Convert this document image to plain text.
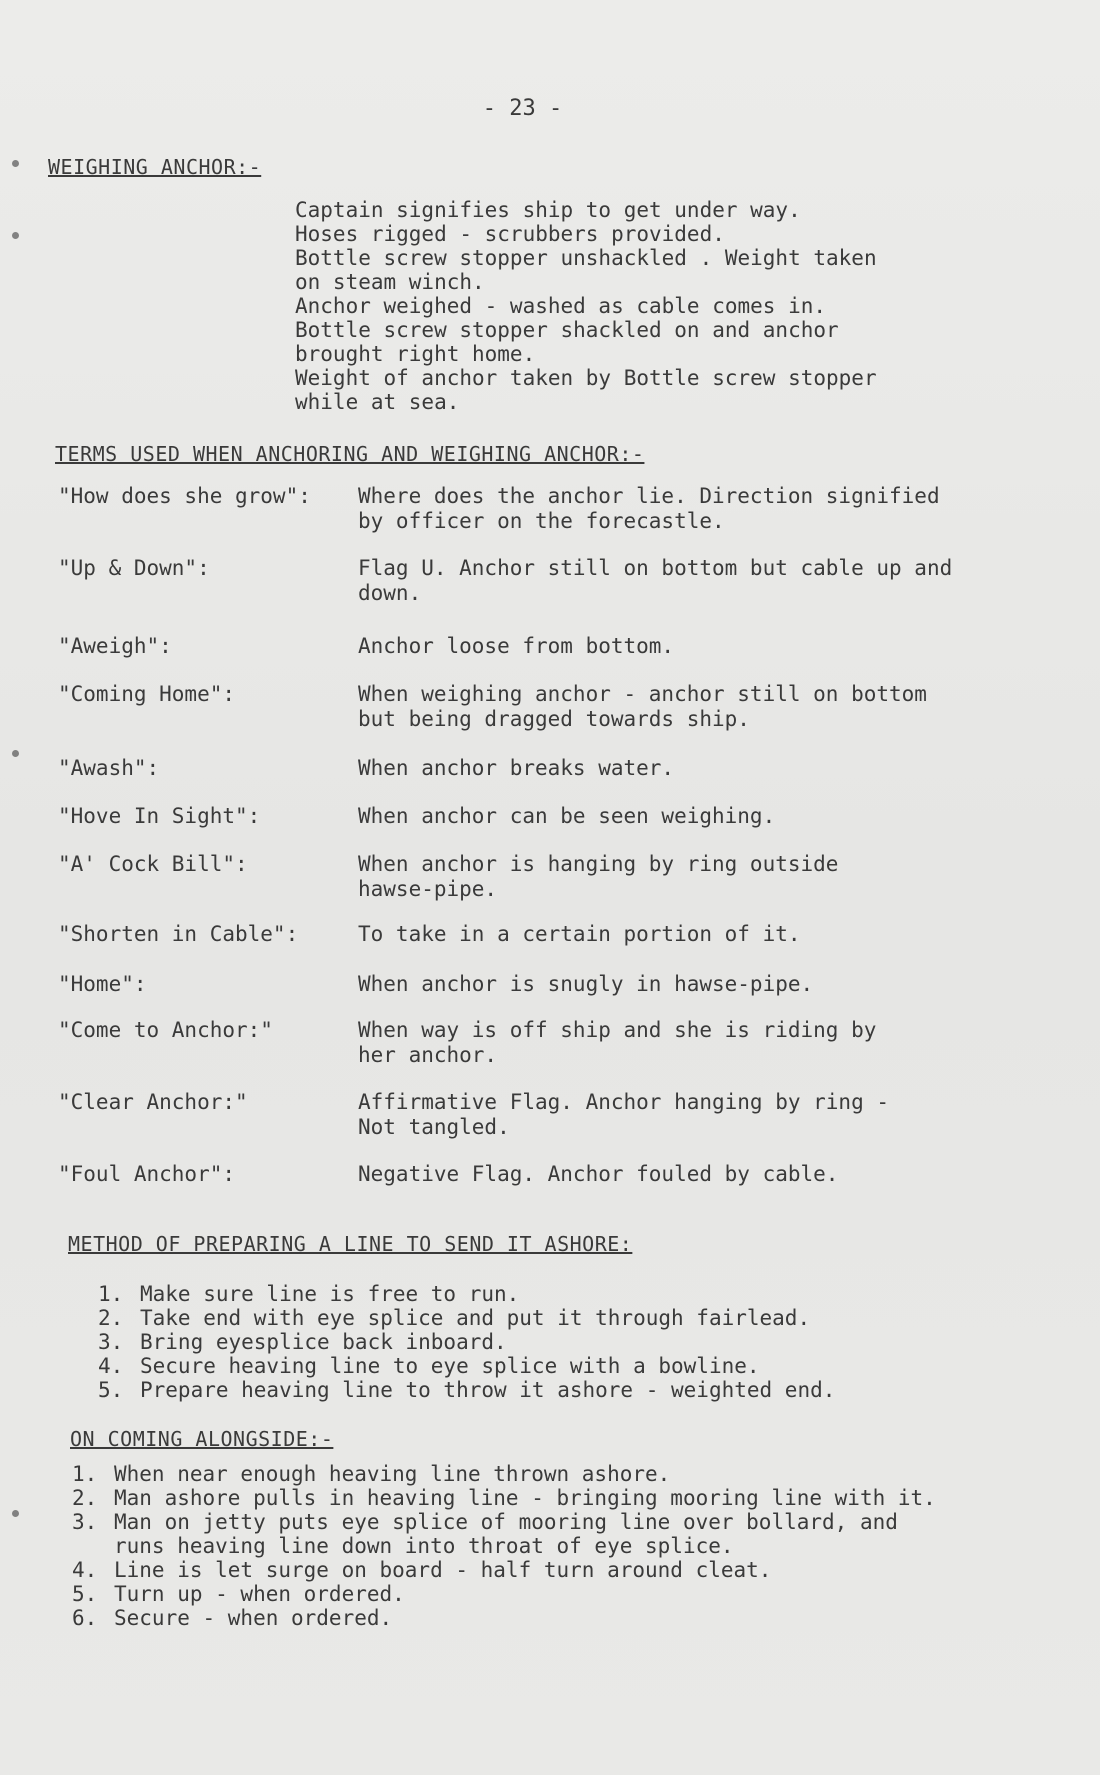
- 23 -
WEIGHING ANCHOR:-
Captain signifies ship to get under way.
Hoses rigged - scrubbers provided.
Bottle screw stopper unshackled . Weight taken
on steam winch.
Anchor weighed - washed as cable comes in.
Bottle screw stopper shackled on and anchor
brought right home.
Weight of anchor taken by Bottle screw stopper
while at sea.
TERMS USED WHEN ANCHORING AND WEIGHING ANCHOR:-
"How does she grow": Where does the anchor lie. Direction signified
by officer on the forecastle.
"Up & Down":	Flag U. Anchor still on bottom but cable up and
down.
"Aweigh":	Anchor loose from bottom.
"Coming Home":	When weighing anchor - anchor still on bottom
but being dragged towards ship.
"Awash":	When anchor breaks water.
"Hove In Sight":	When anchor can be seen weighing.
"A' Cock Bill":	When anchor is hanging by ring outside
hawse-pipe.
"Shorten in Cable":	To take in a certain portion of it.
"Home":	When anchor is snugly in hawse-pipe.
"Come to Anchor:"	When way is off ship and she is riding by
her anchor.
"Clear Anchor:"	Affirmative Flag. Anchor hanging by ring -
Not tangled.
"Foul Anchor":	Negative Flag. Anchor fouled by cable.
METHOD OF PREPARING A LINE TO SEND IT ASHORE:
1. Make sure line is free to run.
2. Take end with eye splice and put it through fairlead.
3. Bring eyesplice back inboard.
4. Secure heaving line to eye splice with a bowline.
5. Prepare heaving line to throw it ashore - weighted end.
ON COMING ALONGSIDE:-
1. When near enough heaving line thrown ashore.
2. Man ashore pulls in heaving line - bringing mooring line with it.
3. Man on jetty puts eye splice of mooring line over bollard, and
runs heaving line down into throat of eye splice.
4. Line is let surge on board - half turn around cleat.
5. Turn up - when ordered.
6. Secure - when ordered.
